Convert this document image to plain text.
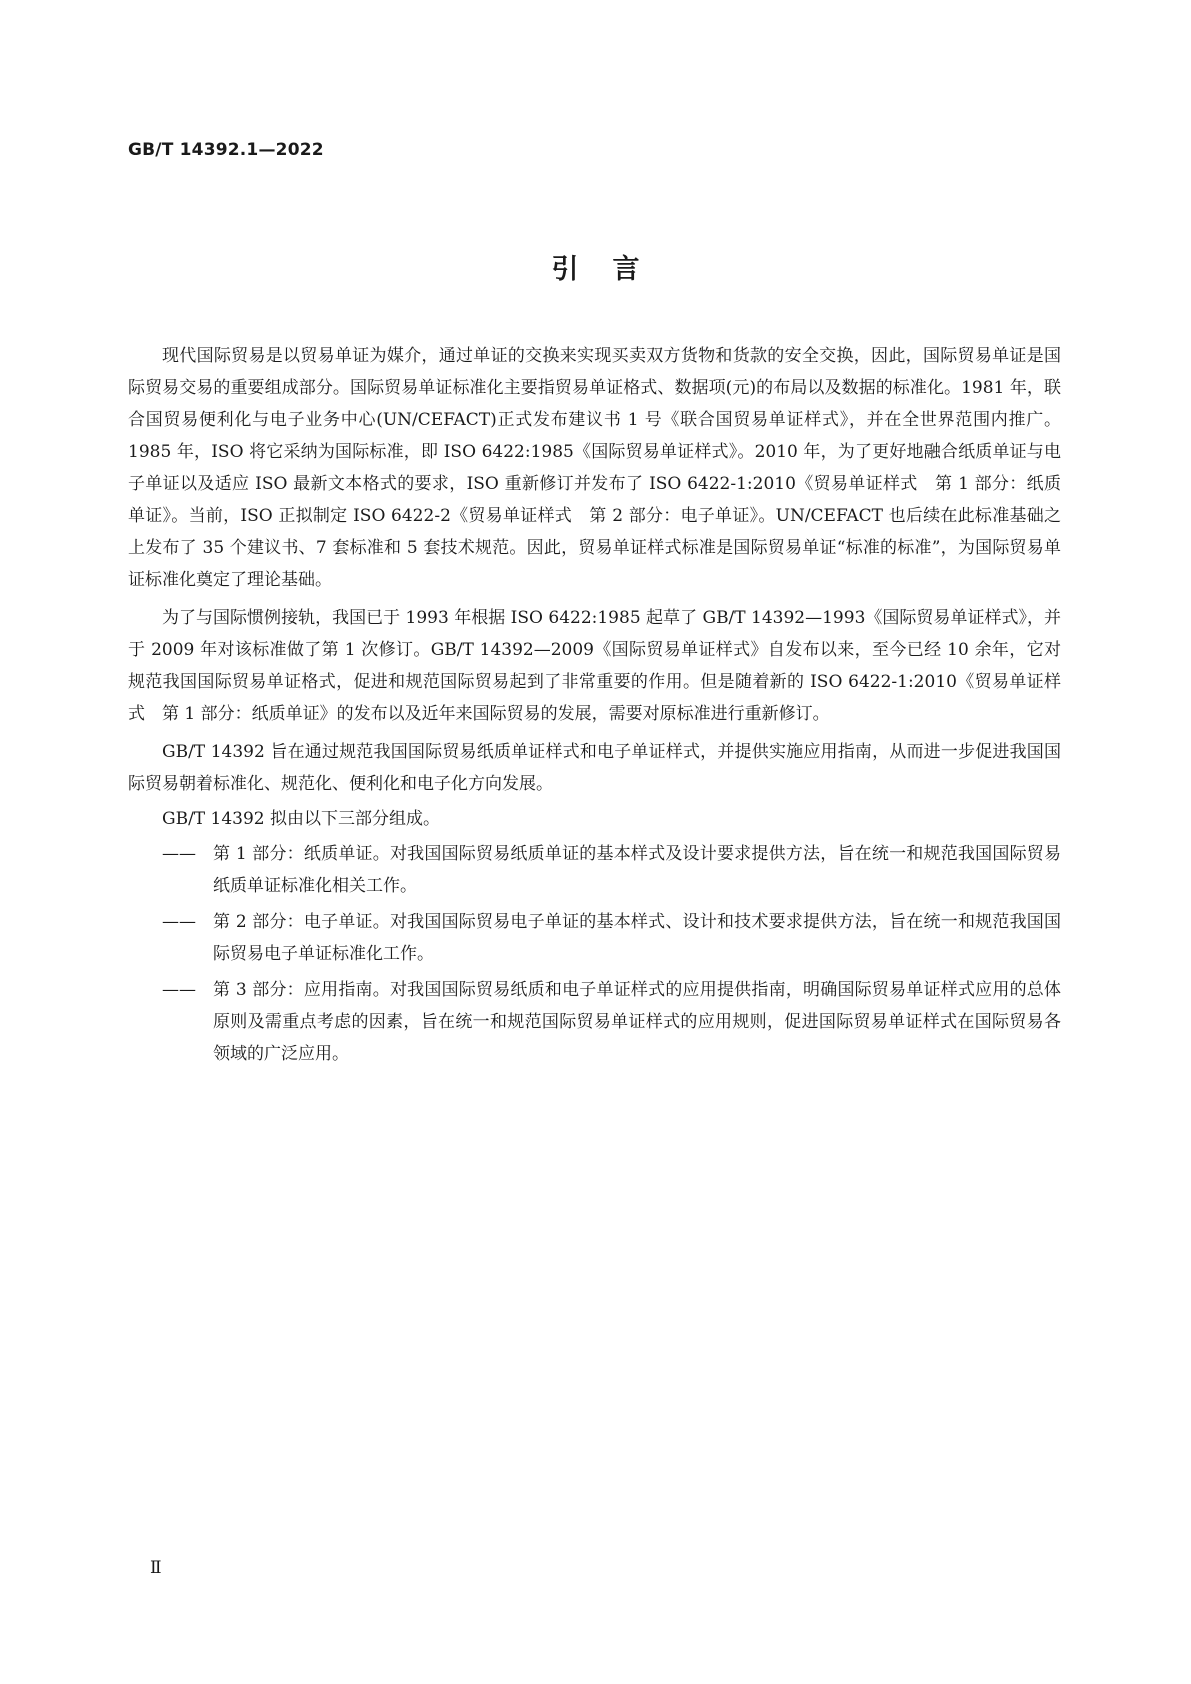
GB/T 14392.1—2022
引言

现代国际贸易是以贸易单证为媒介，通过单证的交换来实现买卖双方货物和货款的安全交换，因此，国际贸易单证是国际贸易交易的重要组成部分。国际贸易单证标准化主要指贸易单证格式、数据项(元)的布局以及数据的标准化。1981 年，联合国贸易便利化与电子业务中心(UN/CEFACT)正式发布建议书 1 号《联合国贸易单证样式》，并在全世界范围内推广。1985 年，ISO 将它采纳为国际标准，即 ISO 6422:1985《国际贸易单证样式》。2010 年，为了更好地融合纸质单证与电子单证以及适应 ISO 最新文本格式的要求，ISO 重新修订并发布了 ISO 6422-1:2010《贸易单证样式　第 1 部分：纸质单证》。当前，ISO 正拟制定 ISO 6422-2《贸易单证样式　第 2 部分：电子单证》。UN/CEFACT 也后续在此标准基础之上发布了 35 个建议书、7 套标准和 5 套技术规范。因此，贸易单证样式标准是国际贸易单证“标准的标准”，为国际贸易单证标准化奠定了理论基础。

为了与国际惯例接轨，我国已于 1993 年根据 ISO 6422:1985 起草了 GB/T 14392—1993《国际贸易单证样式》，并于 2009 年对该标准做了第 1 次修订。GB/T 14392—2009《国际贸易单证样式》自发布以来，至今已经 10 余年，它对规范我国国际贸易单证格式，促进和规范国际贸易起到了非常重要的作用。但是随着新的 ISO 6422-1:2010《贸易单证样式　第 1 部分：纸质单证》的发布以及近年来国际贸易的发展，需要对原标准进行重新修订。

GB/T 14392 旨在通过规范我国国际贸易纸质单证样式和电子单证样式，并提供实施应用指南，从而进一步促进我国国际贸易朝着标准化、规范化、便利化和电子化方向发展。

GB/T 14392 拟由以下三部分组成。

——	第 1 部分：纸质单证。对我国国际贸易纸质单证的基本样式及设计要求提供方法，旨在统一和规范我国国际贸易纸质单证标准化相关工作。
——	第 2 部分：电子单证。对我国国际贸易电子单证的基本样式、设计和技术要求提供方法，旨在统一和规范我国国际贸易电子单证标准化工作。
——	第 3 部分：应用指南。对我国国际贸易纸质和电子单证样式的应用提供指南，明确国际贸易单证样式应用的总体原则及需重点考虑的因素，旨在统一和规范国际贸易单证样式的应用规则，促进国际贸易单证样式在国际贸易各领域的广泛应用。
Ⅱ
